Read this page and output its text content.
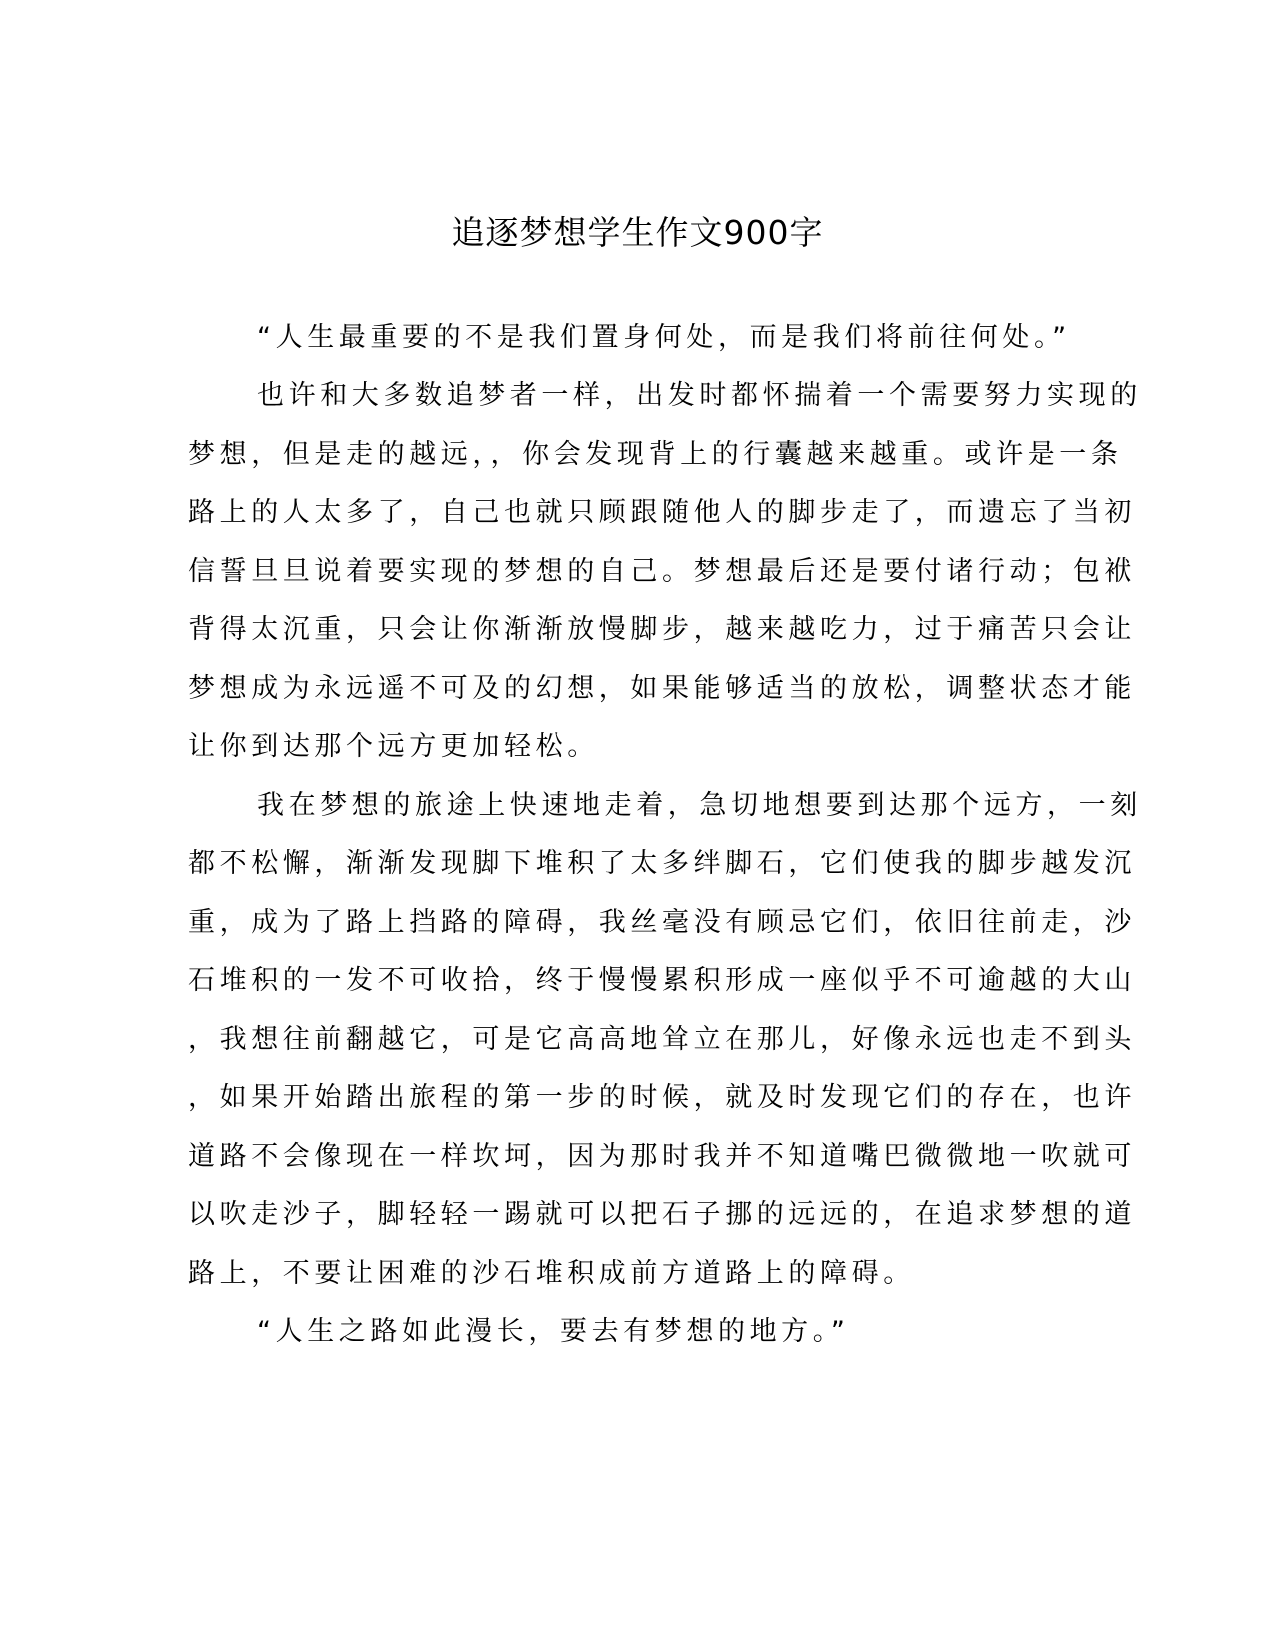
追逐梦想学生作文900字
“人生最重要的不是我们置身何处，而是我们将前往何处。”
也许和大多数追梦者一样，出发时都怀揣着一个需要努力实现的
梦想，但是走的越远，，你会发现背上的行囊越来越重。或许是一条
路上的人太多了，自己也就只顾跟随他人的脚步走了，而遗忘了当初
信誓旦旦说着要实现的梦想的自己。梦想最后还是要付诸行动；包袱
背得太沉重，只会让你渐渐放慢脚步，越来越吃力，过于痛苦只会让
梦想成为永远遥不可及的幻想，如果能够适当的放松，调整状态才能
让你到达那个远方更加轻松。
我在梦想的旅途上快速地走着，急切地想要到达那个远方，一刻
都不松懈，渐渐发现脚下堆积了太多绊脚石，它们使我的脚步越发沉
重，成为了路上挡路的障碍，我丝毫没有顾忌它们，依旧往前走，沙
石堆积的一发不可收拾，终于慢慢累积形成一座似乎不可逾越的大山
，我想往前翻越它，可是它高高地耸立在那儿，好像永远也走不到头
，如果开始踏出旅程的第一步的时候，就及时发现它们的存在，也许
道路不会像现在一样坎坷，因为那时我并不知道嘴巴微微地一吹就可
以吹走沙子，脚轻轻一踢就可以把石子挪的远远的，在追求梦想的道
路上，不要让困难的沙石堆积成前方道路上的障碍。
“人生之路如此漫长，要去有梦想的地方。”
